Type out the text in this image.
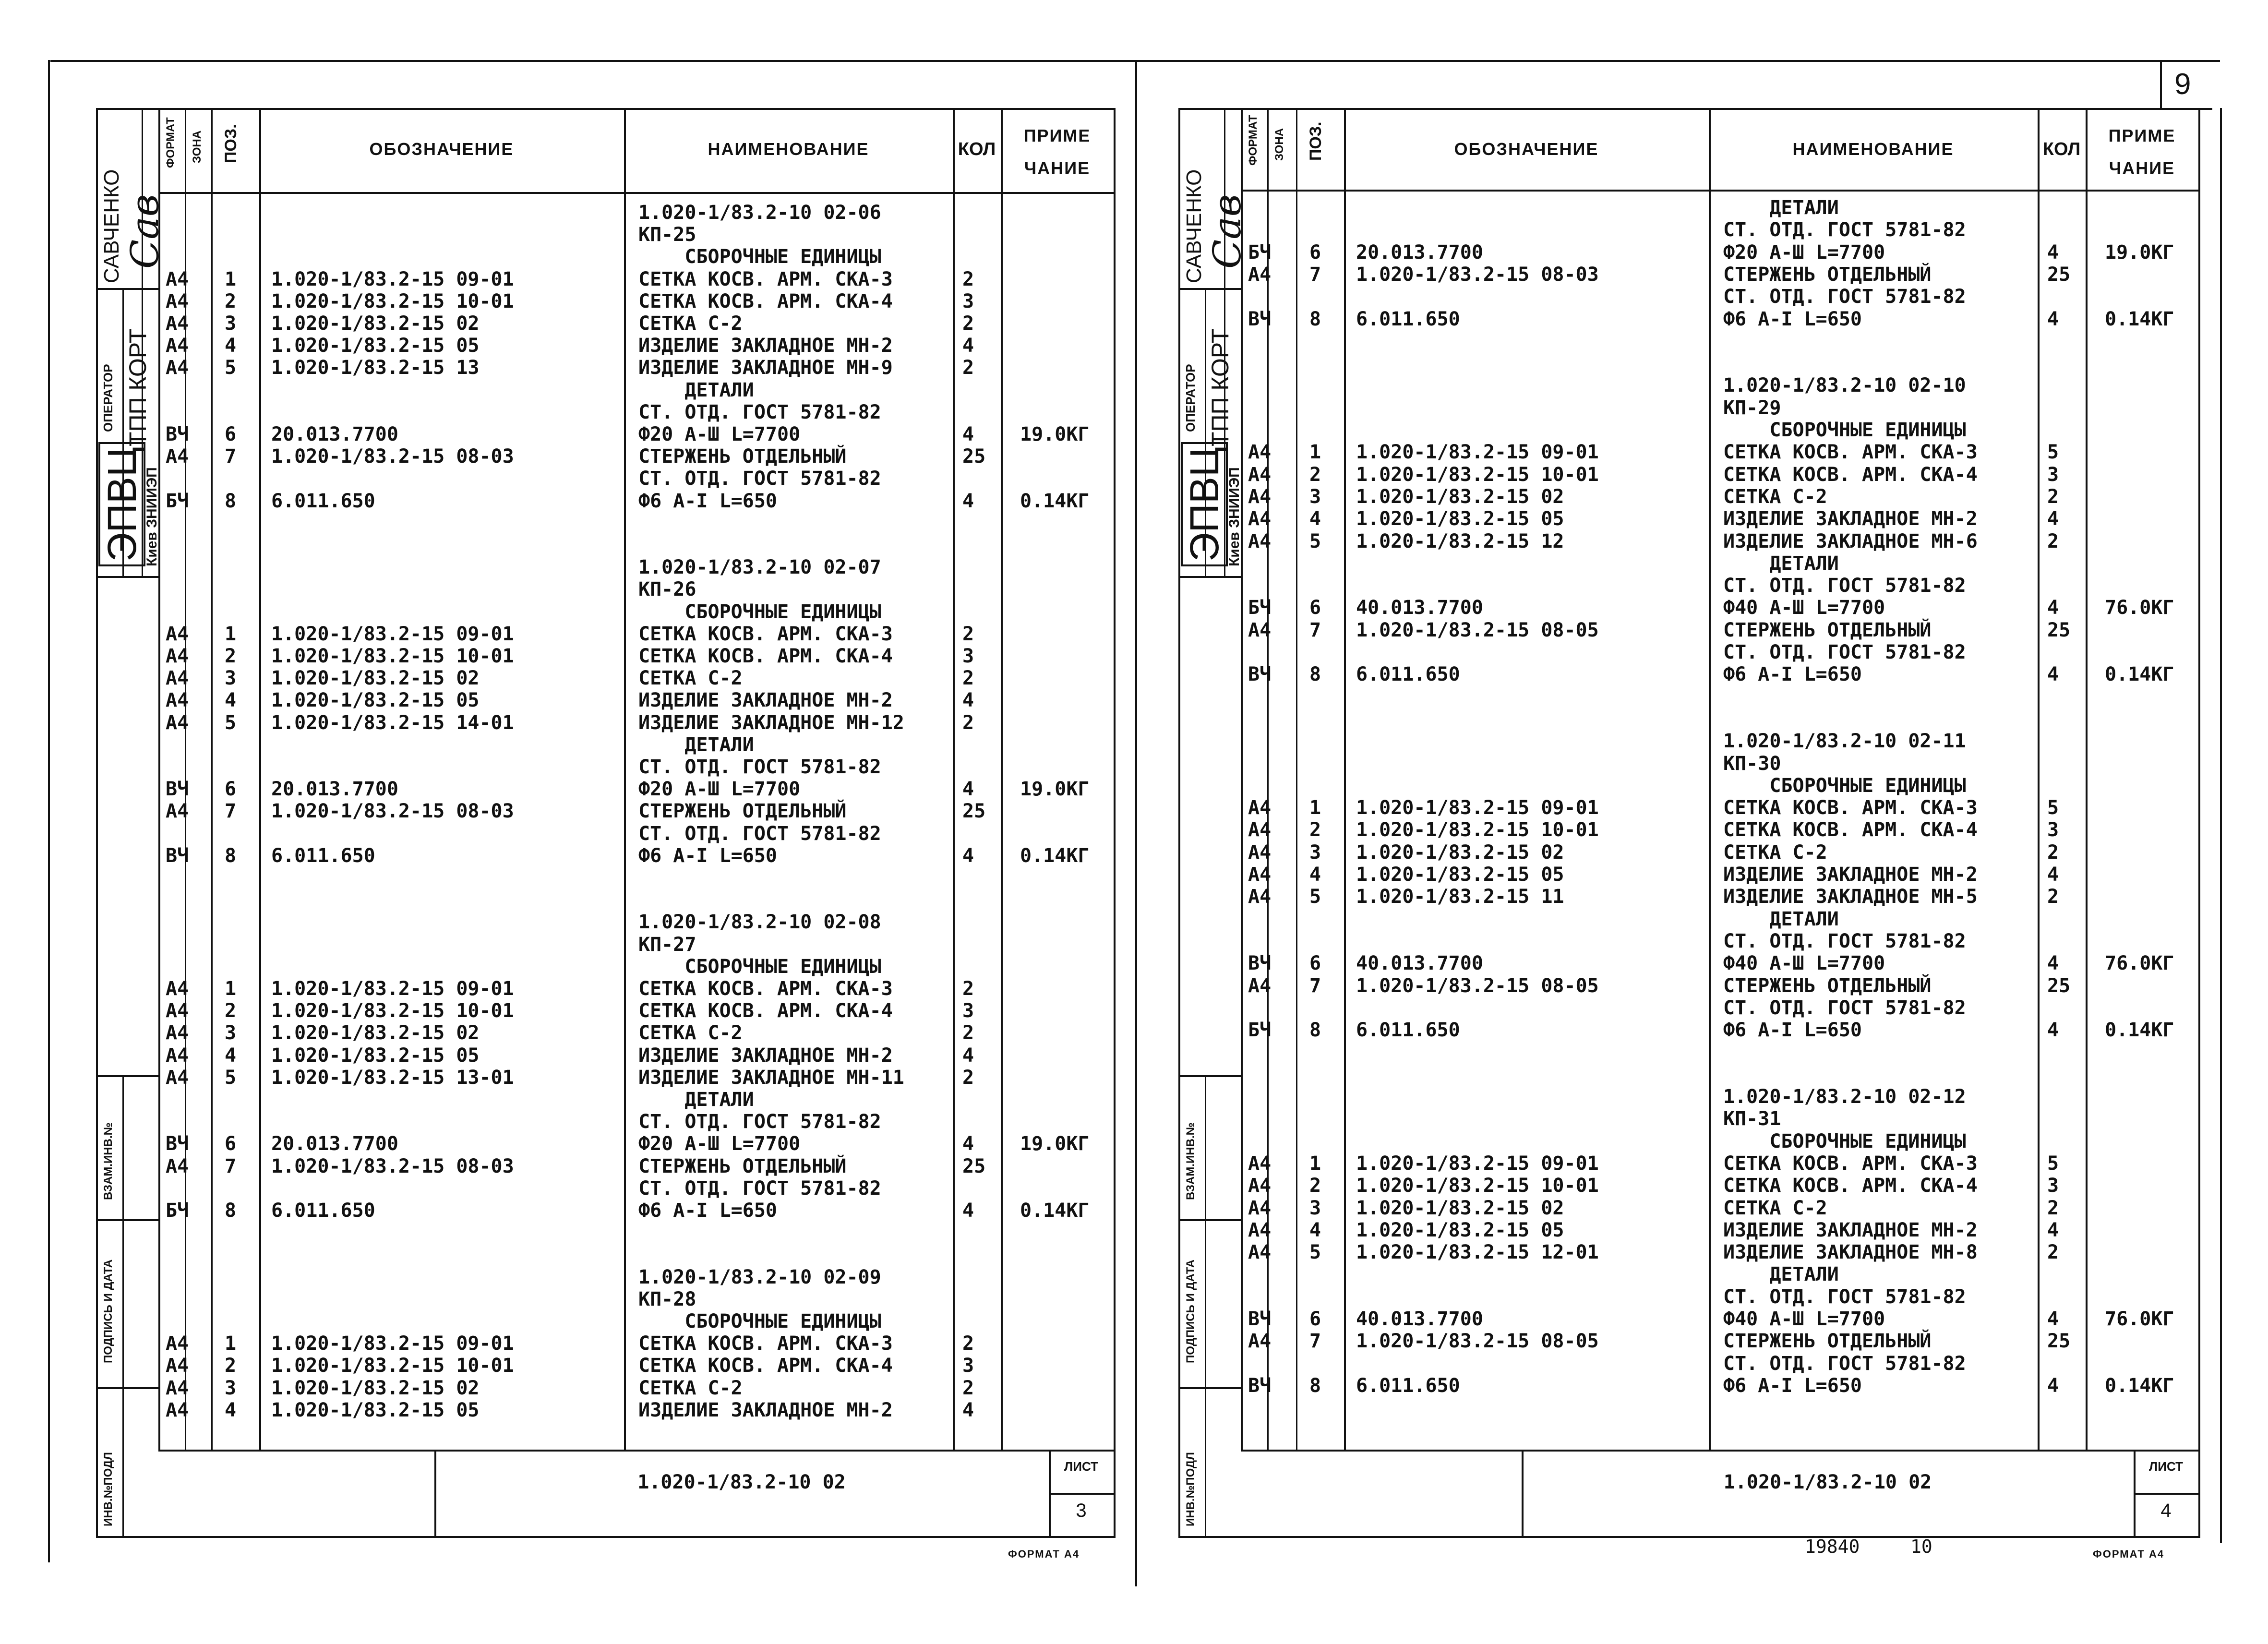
9
ФОРМАТ ЗОНА ПОЗ.	ОБОЗНАЧЕНИЕ	НАИМЕНОВАНИЕ	КОЛ
ПРИМЕ
ЧАНИЕ
САВЧЕНКО
Сав
ОПЕРАТОР ТПП КОРТ
ЭПВЦ Киев ЗНИИЭП
ВЗАМ.ИНВ.№
ПОДПИСЬ И ДАТА
ИНВ.№ПОДЛ	1.020-1/83.2-10 02
ЛИСТ
3
ФОРМАТ А4
1.020-1/83.2-10 02-06
КП-25
СБОРОЧНЫЕ ЕДИНИЦЫ
А4 1 1.020-1/83.2-15 09-01	СЕТКА КОСВ. АРМ. СКА-3	2
А4 2 1.020-1/83.2-15 10-01	СЕТКА КОСВ. АРМ. СКА-4	3
А4 3 1.020-1/83.2-15 02	СЕТКА С-2	2
А4 4 1.020-1/83.2-15 05	ИЗДЕЛИЕ ЗАКЛАДНОЕ МН-2	4
А4 5 1.020-1/83.2-15 13	ИЗДЕЛИЕ ЗАКЛАДНОЕ МН-9	2
ДЕТАЛИ
СТ. ОТД. ГОСТ 5781-82
ВЧ 6 20.013.7700	Ф20 А-Ш L=7700	4 19.0КГ
А4 7 1.020-1/83.2-15 08-03	СТЕРЖЕНЬ ОТДЕЛЬНЫЙ	25
СТ. ОТД. ГОСТ 5781-82
БЧ 8 6.011.650	Ф6 А-I L=650	4 0.14КГ
1.020-1/83.2-10 02-07
КП-26
СБОРОЧНЫЕ ЕДИНИЦЫ
А4 1 1.020-1/83.2-15 09-01	СЕТКА КОСВ. АРМ. СКА-3	2
А4 2 1.020-1/83.2-15 10-01	СЕТКА КОСВ. АРМ. СКА-4	3
А4 3 1.020-1/83.2-15 02	СЕТКА С-2	2
А4 4 1.020-1/83.2-15 05	ИЗДЕЛИЕ ЗАКЛАДНОЕ МН-2	4
А4 5 1.020-1/83.2-15 14-01	ИЗДЕЛИЕ ЗАКЛАДНОЕ МН-12	2
ДЕТАЛИ
СТ. ОТД. ГОСТ 5781-82
ВЧ 6 20.013.7700	Ф20 А-Ш L=7700	4 19.0КГ
А4 7 1.020-1/83.2-15 08-03	СТЕРЖЕНЬ ОТДЕЛЬНЫЙ	25
СТ. ОТД. ГОСТ 5781-82
ВЧ 8 6.011.650	Ф6 А-I L=650	4 0.14КГ
1.020-1/83.2-10 02-08
КП-27
СБОРОЧНЫЕ ЕДИНИЦЫ
А4 1 1.020-1/83.2-15 09-01	СЕТКА КОСВ. АРМ. СКА-3	2
А4 2 1.020-1/83.2-15 10-01	СЕТКА КОСВ. АРМ. СКА-4	3
А4 3 1.020-1/83.2-15 02	СЕТКА С-2	2
А4 4 1.020-1/83.2-15 05	ИЗДЕЛИЕ ЗАКЛАДНОЕ МН-2	4
А4 5 1.020-1/83.2-15 13-01	ИЗДЕЛИЕ ЗАКЛАДНОЕ МН-11	2
ДЕТАЛИ
СТ. ОТД. ГОСТ 5781-82
ВЧ 6 20.013.7700	Ф20 А-Ш L=7700	4 19.0КГ
А4 7 1.020-1/83.2-15 08-03	СТЕРЖЕНЬ ОТДЕЛЬНЫЙ	25
СТ. ОТД. ГОСТ 5781-82
БЧ 8 6.011.650	Ф6 А-I L=650	4 0.14КГ
1.020-1/83.2-10 02-09
КП-28
СБОРОЧНЫЕ ЕДИНИЦЫ
А4 1 1.020-1/83.2-15 09-01	СЕТКА КОСВ. АРМ. СКА-3	2
А4 2 1.020-1/83.2-15 10-01	СЕТКА КОСВ. АРМ. СКА-4	3
А4 3 1.020-1/83.2-15 02	СЕТКА С-2	2
А4 4 1.020-1/83.2-15 05	ИЗДЕЛИЕ ЗАКЛАДНОЕ МН-2	4
ФОРМАТ ЗОНА ПОЗ.	ОБОЗНАЧЕНИЕ	НАИМЕНОВАНИЕ	КОЛ
ПРИМЕ
ЧАНИЕ
САВЧЕНКО
Сав
ОПЕРАТОР ТПП КОРТ
ЭПВЦ Киев ЗНИИЭП
ВЗАМ.ИНВ.№
ПОДПИСЬ И ДАТА
ИНВ.№ПОДЛ	1.020-1/83.2-10 02
ЛИСТ
4
ФОРМАТ А4
19840	10
ДЕТАЛИ
СТ. ОТД. ГОСТ 5781-82
БЧ 6 20.013.7700	Ф20 А-Ш L=7700	4 19.0КГ
А4 7 1.020-1/83.2-15 08-03	СТЕРЖЕНЬ ОТДЕЛЬНЫЙ	25
СТ. ОТД. ГОСТ 5781-82
ВЧ 8 6.011.650	Ф6 А-I L=650	4 0.14КГ
1.020-1/83.2-10 02-10
КП-29
СБОРОЧНЫЕ ЕДИНИЦЫ
А4 1 1.020-1/83.2-15 09-01	СЕТКА КОСВ. АРМ. СКА-3	5
А4 2 1.020-1/83.2-15 10-01	СЕТКА КОСВ. АРМ. СКА-4	3
А4 3 1.020-1/83.2-15 02	СЕТКА С-2	2
А4 4 1.020-1/83.2-15 05	ИЗДЕЛИЕ ЗАКЛАДНОЕ МН-2	4
А4 5 1.020-1/83.2-15 12	ИЗДЕЛИЕ ЗАКЛАДНОЕ МН-6	2
ДЕТАЛИ
СТ. ОТД. ГОСТ 5781-82
БЧ 6 40.013.7700	Ф40 А-Ш L=7700	4 76.0КГ
А4 7 1.020-1/83.2-15 08-05	СТЕРЖЕНЬ ОТДЕЛЬНЫЙ	25
СТ. ОТД. ГОСТ 5781-82
ВЧ 8 6.011.650	Ф6 А-I L=650	4 0.14КГ
1.020-1/83.2-10 02-11
КП-30
СБОРОЧНЫЕ ЕДИНИЦЫ
А4 1 1.020-1/83.2-15 09-01	СЕТКА КОСВ. АРМ. СКА-3	5
А4 2 1.020-1/83.2-15 10-01	СЕТКА КОСВ. АРМ. СКА-4	3
А4 3 1.020-1/83.2-15 02	СЕТКА С-2	2
А4 4 1.020-1/83.2-15 05	ИЗДЕЛИЕ ЗАКЛАДНОЕ МН-2	4
А4 5 1.020-1/83.2-15 11	ИЗДЕЛИЕ ЗАКЛАДНОЕ МН-5	2
ДЕТАЛИ
СТ. ОТД. ГОСТ 5781-82
ВЧ 6 40.013.7700	Ф40 А-Ш L=7700	4 76.0КГ
А4 7 1.020-1/83.2-15 08-05	СТЕРЖЕНЬ ОТДЕЛЬНЫЙ	25
СТ. ОТД. ГОСТ 5781-82
БЧ 8 6.011.650	Ф6 А-I L=650	4 0.14КГ
1.020-1/83.2-10 02-12
КП-31
СБОРОЧНЫЕ ЕДИНИЦЫ
А4 1 1.020-1/83.2-15 09-01	СЕТКА КОСВ. АРМ. СКА-3	5
А4 2 1.020-1/83.2-15 10-01	СЕТКА КОСВ. АРМ. СКА-4	3
А4 3 1.020-1/83.2-15 02	СЕТКА С-2	2
А4 4 1.020-1/83.2-15 05	ИЗДЕЛИЕ ЗАКЛАДНОЕ МН-2	4
А4 5 1.020-1/83.2-15 12-01	ИЗДЕЛИЕ ЗАКЛАДНОЕ МН-8	2
ДЕТАЛИ
СТ. ОТД. ГОСТ 5781-82
ВЧ 6 40.013.7700	Ф40 А-Ш L=7700	4 76.0КГ
А4 7 1.020-1/83.2-15 08-05	СТЕРЖЕНЬ ОТДЕЛЬНЫЙ	25
СТ. ОТД. ГОСТ 5781-82
ВЧ 8 6.011.650	Ф6 А-I L=650	4 0.14КГ
